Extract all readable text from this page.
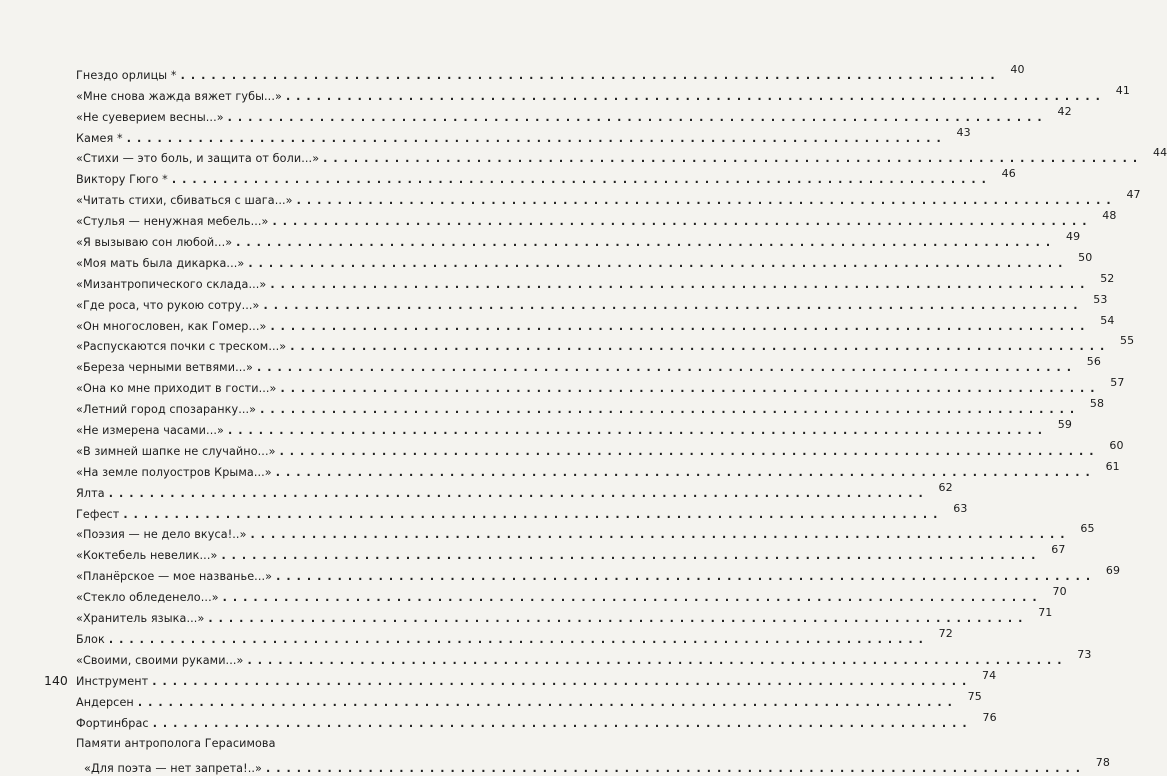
Гнездо орлицы * ................................................................................ 40
«Мне снова жажда вяжет губы...» ................................................................................ 41
«Не суеверием весны...» ................................................................................ 42
Камея * ................................................................................ 43
«Стихи — это боль, и защита от боли...» ................................................................................ 44
Виктору Гюго * ................................................................................ 46
«Читать стихи, сбиваться с шага...» ................................................................................ 47
«Стулья — ненужная мебель...» ................................................................................ 48
«Я вызываю сон любой...» ................................................................................ 49
«Моя мать была дикарка...» ................................................................................ 50
«Мизантропического склада...» ................................................................................ 52
«Где роса, что рукою сотру...» ................................................................................ 53
«Он многословен, как Гомер...» ................................................................................ 54
«Распускаются почки с треском...» ................................................................................ 55
«Береза черными ветвями...» ................................................................................ 56
«Она ко мне приходит в гости...» ................................................................................ 57
«Летний город спозаранку...» ................................................................................ 58
«Не измерена часами...» ................................................................................ 59
«В зимней шапке не случайно...» ................................................................................ 60
«На земле полуостров Крыма...» ................................................................................ 61
Ялта ................................................................................ 62
Гефест ................................................................................ 63
«Поэзия — не дело вкуса!..» ................................................................................ 65
«Коктебель невелик...» ................................................................................ 67
«Планёрское — мое названье...» ................................................................................ 69
«Стекло обледенело...» ................................................................................ 70
«Хранитель языка...» ................................................................................ 71
Блок ................................................................................ 72
«Своими, своими руками...» ................................................................................ 73
Инструмент ................................................................................ 74
Андерсен ................................................................................ 75
Фортинбрас ................................................................................ 76
Памяти антрополога Герасимова
«Для поэта — нет запрета!..» ................................................................................ 78
140
